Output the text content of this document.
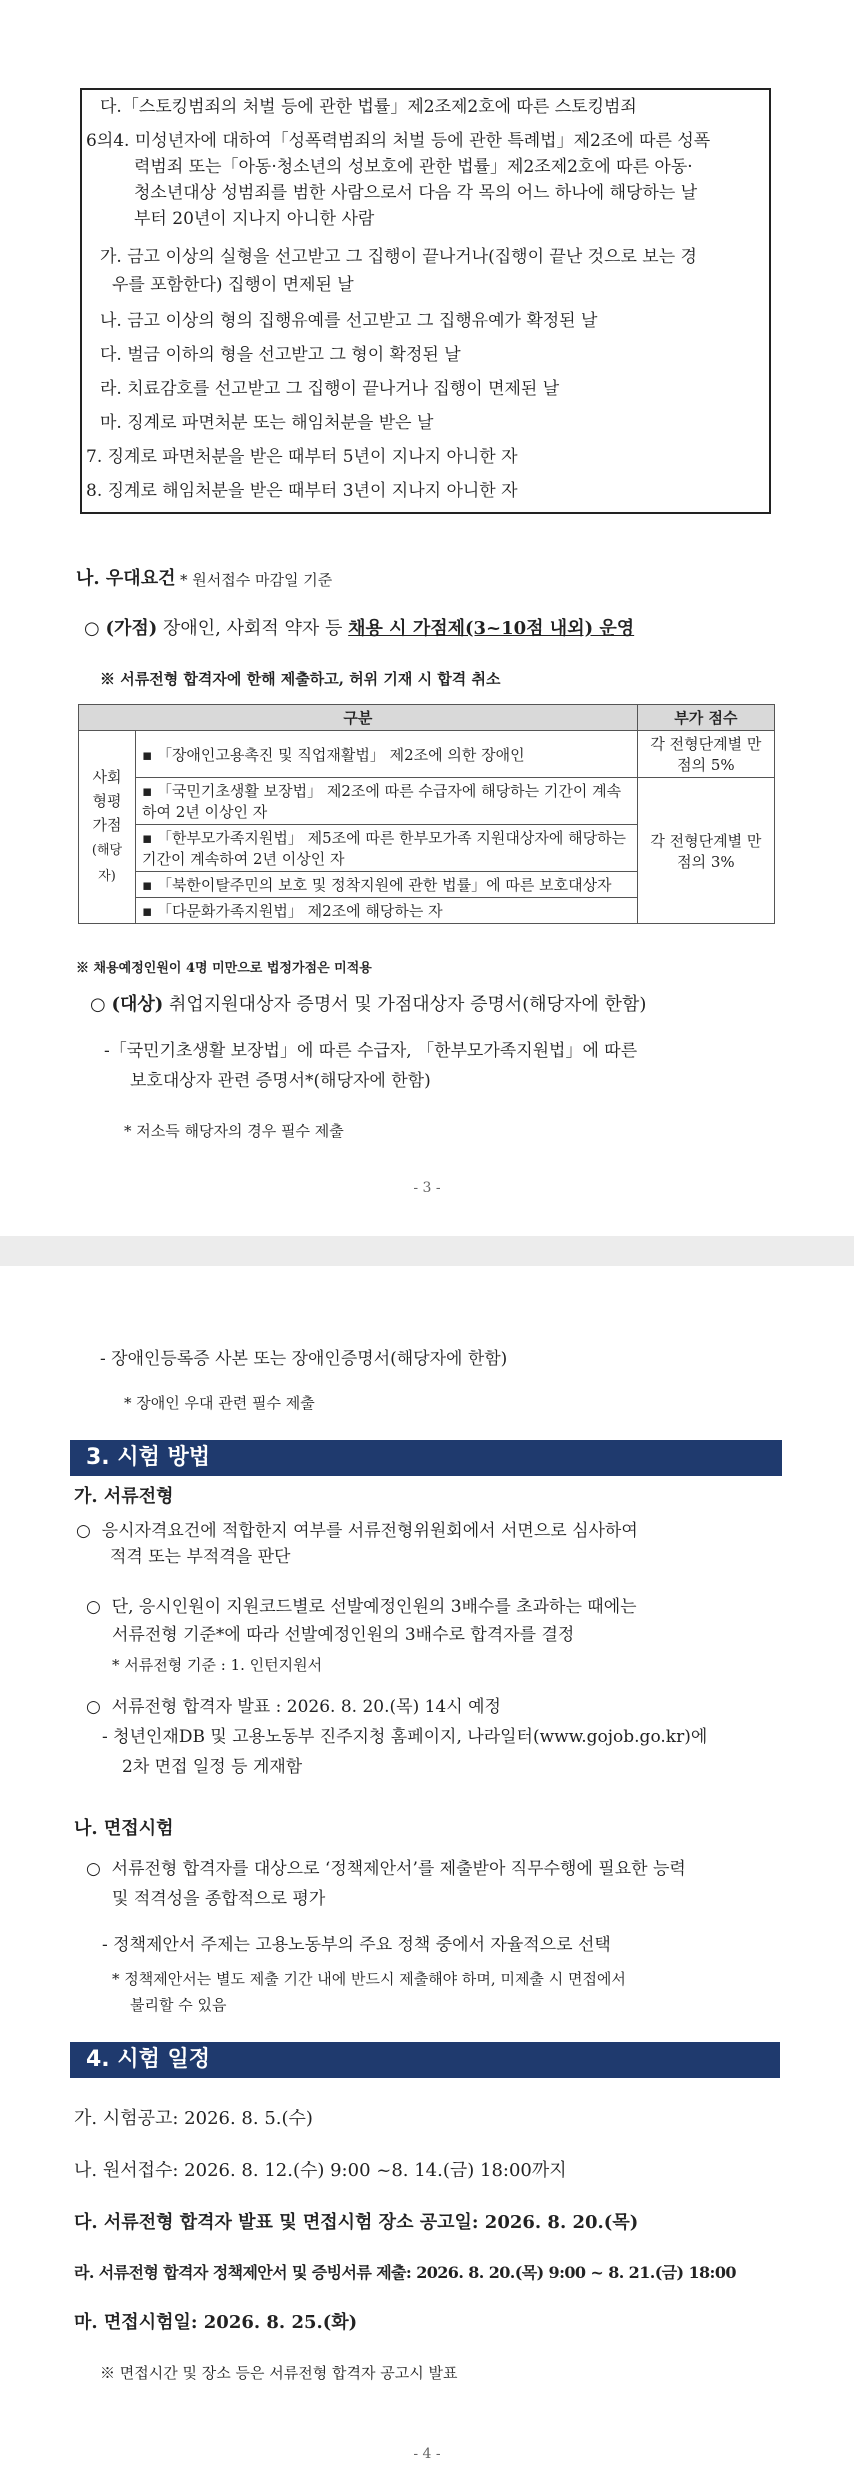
다.「스토킹범죄의 처벌 등에 관한 법률」제2조제2호에 따른 스토킹범죄
6의4. 미성년자에 대하여「성폭력범죄의 처벌 등에 관한 특례법」제2조에 따른 성폭
력범죄 또는「아동·청소년의 성보호에 관한 법률」제2조제2호에 따른 아동·
청소년대상 성범죄를 범한 사람으로서 다음 각 목의 어느 하나에 해당하는 날
부터 20년이 지나지 아니한 사람
가. 금고 이상의 실형을 선고받고 그 집행이 끝나거나(집행이 끝난 것으로 보는 경
우를 포함한다) 집행이 면제된 날
나. 금고 이상의 형의 집행유예를 선고받고 그 집행유예가 확정된 날
다. 벌금 이하의 형을 선고받고 그 형이 확정된 날
라. 치료감호를 선고받고 그 집행이 끝나거나 집행이 면제된 날
마. 징계로 파면처분 또는 해임처분을 받은 날
7. 징계로 파면처분을 받은 때부터 5년이 지나지 아니한 자
8. 징계로 해임처분을 받은 때부터 3년이 지나지 아니한 자
나. 우대요건 * 원서접수 마감일 기준
○ (가점) 장애인, 사회적 약자 등 채용 시 가점제(3~10점 내외) 운영
※ 서류전형 합격자에 한해 제출하고, 허위 기재 시 합격 취소
구분		부가 점수
사회
형평
가점
(해당자)	▪ 「장애인고용촉진 및 직업재활법」 제2조에 의한 장애인	각 전형단계별 만점의 5%
	▪ 「국민기초생활 보장법」 제2조에 따른 수급자에 해당하는 기간이 계속하여 2년 이상인 자	각 전형단계별 만점의 3%
	▪ 「한부모가족지원법」 제5조에 따른 한부모가족 지원대상자에 해당하는 기간이 계속하여 2년 이상인 자	
	▪ 「북한이탈주민의 보호 및 정착지원에 관한 법률」에 따른 보호대상자	
	▪ 「다문화가족지원법」 제2조에 해당하는 자	
※ 채용예정인원이 4명 미만으로 법정가점은 미적용
○ (대상) 취업지원대상자 증명서 및 가점대상자 증명서(해당자에 한함)
-「국민기초생활 보장법」에 따른 수급자, 「한부모가족지원법」에 따른
보호대상자 관련 증명서*(해당자에 한함)
* 저소득 해당자의 경우 필수 제출
- 3 -
- 장애인등록증 사본 또는 장애인증명서(해당자에 한함)
* 장애인 우대 관련 필수 제출
3. 시험 방법
가. 서류전형
○ 응시자격요건에 적합한지 여부를 서류전형위원회에서 서면으로 심사하여
적격 또는 부적격을 판단
○ 단, 응시인원이 지원코드별로 선발예정인원의 3배수를 초과하는 때에는
서류전형 기준*에 따라 선발예정인원의 3배수로 합격자를 결정
* 서류전형 기준 : 1. 인턴지원서
○ 서류전형 합격자 발표 : 2026. 8. 20.(목) 14시 예정
- 청년인재DB 및 고용노동부 진주지청 홈페이지, 나라일터(www.gojob.go.kr)에
2차 면접 일정 등 게재함
나. 면접시험
○ 서류전형 합격자를 대상으로 ‘정책제안서’를 제출받아 직무수행에 필요한 능력
및 적격성을 종합적으로 평가
- 정책제안서 주제는 고용노동부의 주요 정책 중에서 자율적으로 선택
* 정책제안서는 별도 제출 기간 내에 반드시 제출해야 하며, 미제출 시 면접에서
불리할 수 있음
4. 시험 일정
가. 시험공고: 2026. 8. 5.(수)
나. 원서접수: 2026. 8. 12.(수) 9:00 ~8. 14.(금) 18:00까지
다. 서류전형 합격자 발표 및 면접시험 장소 공고일: 2026. 8. 20.(목)
라. 서류전형 합격자 정책제안서 및 증빙서류 제출: 2026. 8. 20.(목) 9:00 ~ 8. 21.(금) 18:00
마. 면접시험일: 2026. 8. 25.(화)
※ 면접시간 및 장소 등은 서류전형 합격자 공고시 발표
- 4 -
